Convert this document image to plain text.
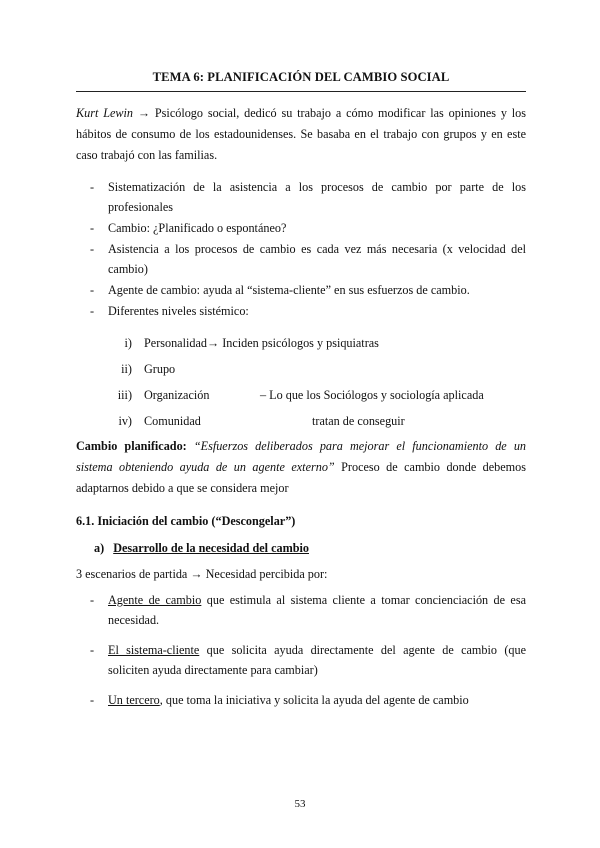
TEMA 6: PLANIFICACIÓN DEL CAMBIO SOCIAL

Kurt Lewin → Psicólogo social, dedicó su trabajo a cómo modificar las opiniones y los hábitos de consumo de los estadounidenses. Se basaba en el trabajo con grupos y en este caso trabajó con las familias.

- Sistematización de la asistencia a los procesos de cambio por parte de los profesionales
- Cambio: ¿Planificado o espontáneo?
- Asistencia a los procesos de cambio es cada vez más necesaria (x velocidad del cambio)
- Agente de cambio: ayuda al “sistema-cliente” en sus esfuerzos de cambio.
- Diferentes niveles sistémico:
i) Personalidad→ Inciden psicólogos y psiquiatras
ii) Grupo
iii) Organización	– Lo que los Sociólogos y sociología aplicada
iv) Comunidad	tratan de conseguir

Cambio planificado: “Esfuerzos deliberados para mejorar el funcionamiento de un sistema obteniendo ayuda de un agente externo” Proceso de cambio donde debemos adaptarnos debido a que se considera mejor

6.1. Iniciación del cambio (“Descongelar”)
a) Desarrollo de la necesidad del cambio

3 escenarios de partida → Necesidad percibida por:

- Agente de cambio que estimula al sistema cliente a tomar concienciación de esa necesidad.
- El sistema-cliente que solicita ayuda directamente del agente de cambio (que soliciten ayuda directamente para cambiar)
- Un tercero, que toma la iniciativa y solicita la ayuda del agente de cambio
53
